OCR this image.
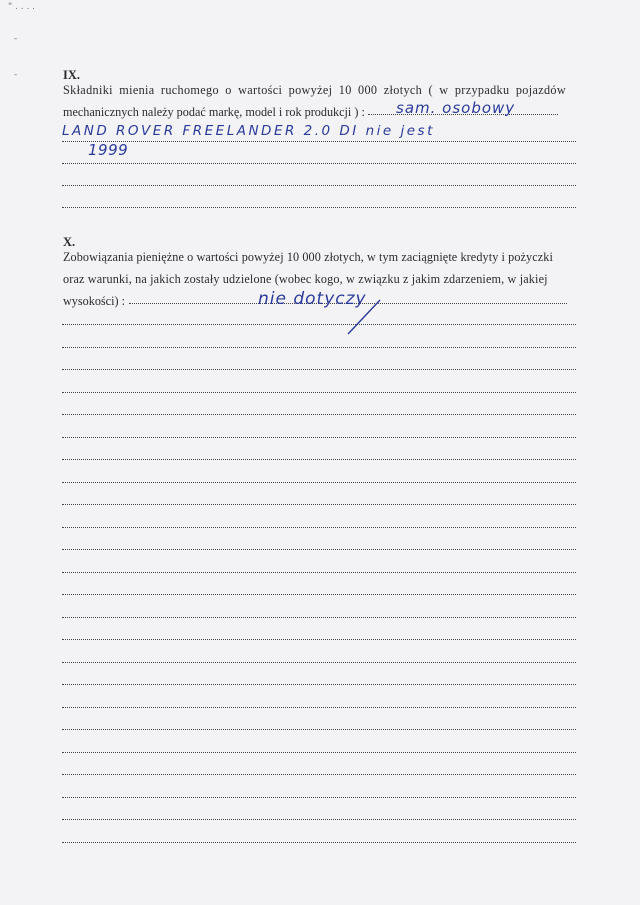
" . . . .
-
-	IX.
Składniki mienia ruchomego o wartości powyżej 10 000 złotych ( w przypadku pojazdów
mechanicznych należy podać markę, model i rok produkcji ) :	sam. osobowy
LAND ROVER FREELANDER 2.0 DI nie jest
1999
X.
Zobowiązania pieniężne o wartości powyżej 10 000 złotych, w tym zaciągnięte kredyty i pożyczki
oraz warunki, na jakich zostały udzielone (wobec kogo, w związku z jakim zdarzeniem, w jakiej
wysokości) :	nie dotyczy
